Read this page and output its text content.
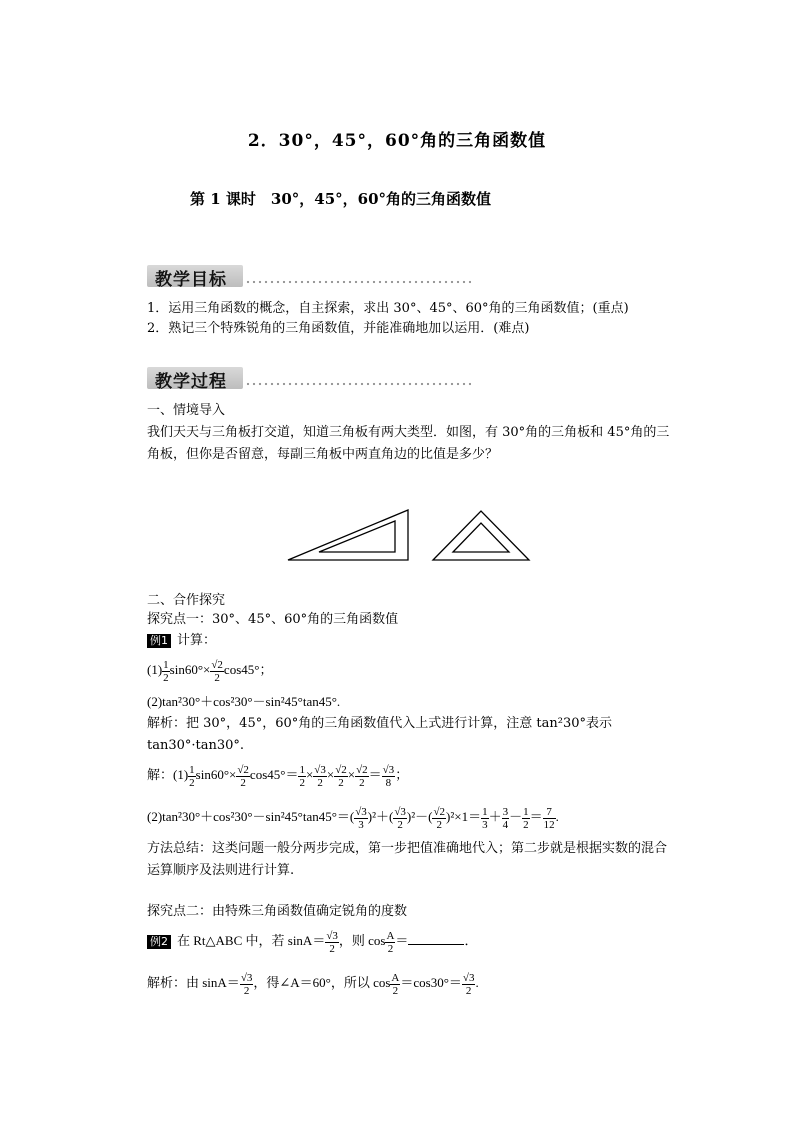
2．30°，45°，60°角的三角函数值
第 1 课时　30°，45°，60°角的三角函数值
教学目标
1．运用三角函数的概念，自主探索，求出 30°、45°、60°角的三角函数值；(重点)
2．熟记三个特殊锐角的三角函数值，并能准确地加以运用．(难点)
教学过程
一、情境导入
我们天天与三角板打交道，知道三角板有两大类型．如图，有 30°角的三角板和 45°角的三角板，但你是否留意，每副三角板中两直角边的比值是多少？
二、合作探究
探究点一：30°、45°、60°角的三角函数值
例1 计算：
$(1) \frac{1}{2} \sin 60^\circ\times \frac{√2}{2} \cos 45^\circ$；
(2)tan²30°＋cos²30°－sin²45°tan45°.
解析：把 30°，45°，60°角的三角函数值代入上式进行计算，注意 tan²30°表示 tan30°·tan30°.
解：$(1) \frac{1}{2} \sin 60^\circ\times \frac{√2}{2} \cos 45^\circ= \frac{1}{2} \times \frac{√3}{2} \times \frac{√2}{2} \times \frac{√2}{2} = \frac{√3}{8}$ ；
$(2)\tan^230^\circ+\cos^230^\circ-\sin^245^\circ\tan 45^\circ=( \frac{√3}{3} )^2+( \frac{√3}{2} )^2-( \frac{√2}{2} )^2\times 1= \frac{1}{3} + \frac{3}{4} - \frac{1}{2} = \frac{7}{12}$ .
方法总结：这类问题一般分两步完成，第一步把值准确地代入；第二步就是根据实数的混合运算顺序及法则进行计算.
探究点二：由特殊三角函数值确定锐角的度数
例2 在 Rt△ABC 中，若 $\sin A= \frac{√3}{2}$ ，则 $\cos \frac{A}{2}$ ＝	．
解析：由 $\sin A= \frac{√3}{2}$ ，得∠A＝60°，所以 $\cos \frac{A}{2} =\cos 30^\circ= \frac{√3}{2}$ .
